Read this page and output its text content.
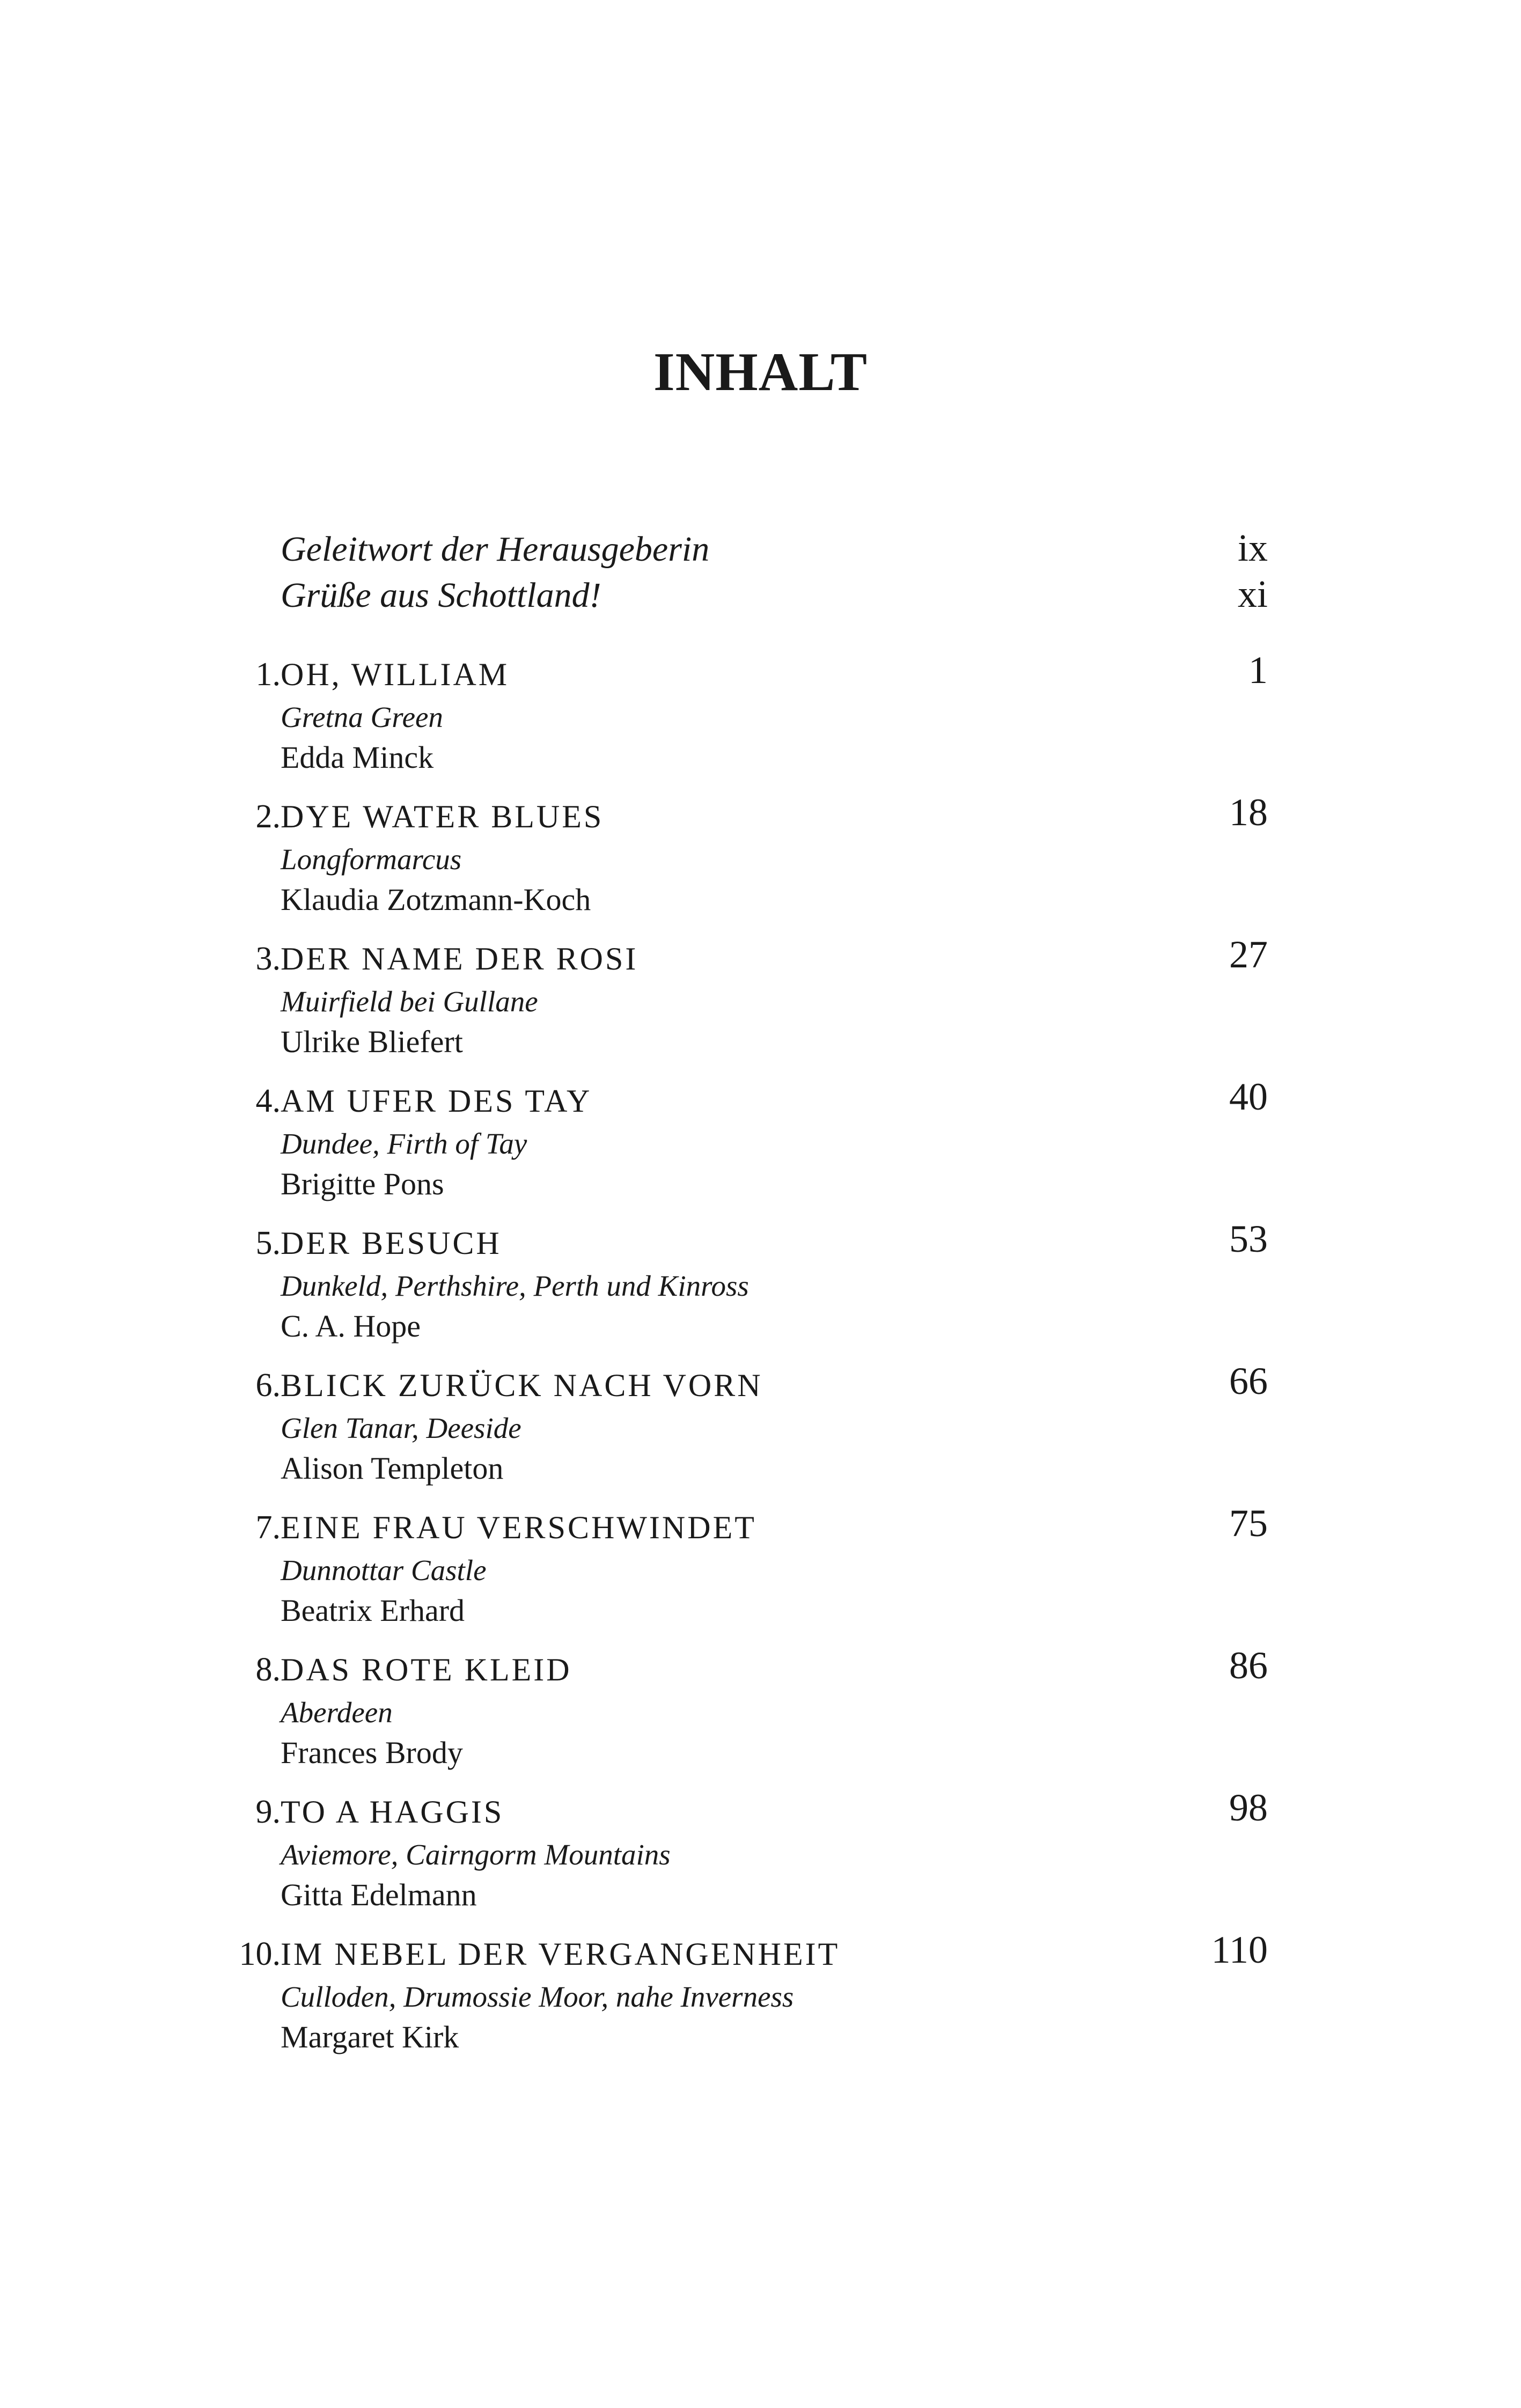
INHALT
Geleitwort der Herausgeberin	ix
Grüße aus Schottland!	xi
1. OH, WILLIAM	1
Gretna Green
Edda Minck
2. DYE WATER BLUES	18
Longformarcus
Klaudia Zotzmann-Koch
3. DER NAME DER ROSI	27
Muirfield bei Gullane
Ulrike Bliefert
4. AM UFER DES TAY	40
Dundee, Firth of Tay
Brigitte Pons
5. DER BESUCH	53
Dunkeld, Perthshire, Perth und Kinross
C. A. Hope
6. BLICK ZURÜCK NACH VORN	66
Glen Tanar, Deeside
Alison Templeton
7. EINE FRAU VERSCHWINDET	75
Dunnottar Castle
Beatrix Erhard
8. DAS ROTE KLEID	86
Aberdeen
Frances Brody
9. TO A HAGGIS	98
Aviemore, Cairngorm Mountains
Gitta Edelmann
10. IM NEBEL DER VERGANGENHEIT	110
Culloden, Drumossie Moor, nahe Inverness
Margaret Kirk
